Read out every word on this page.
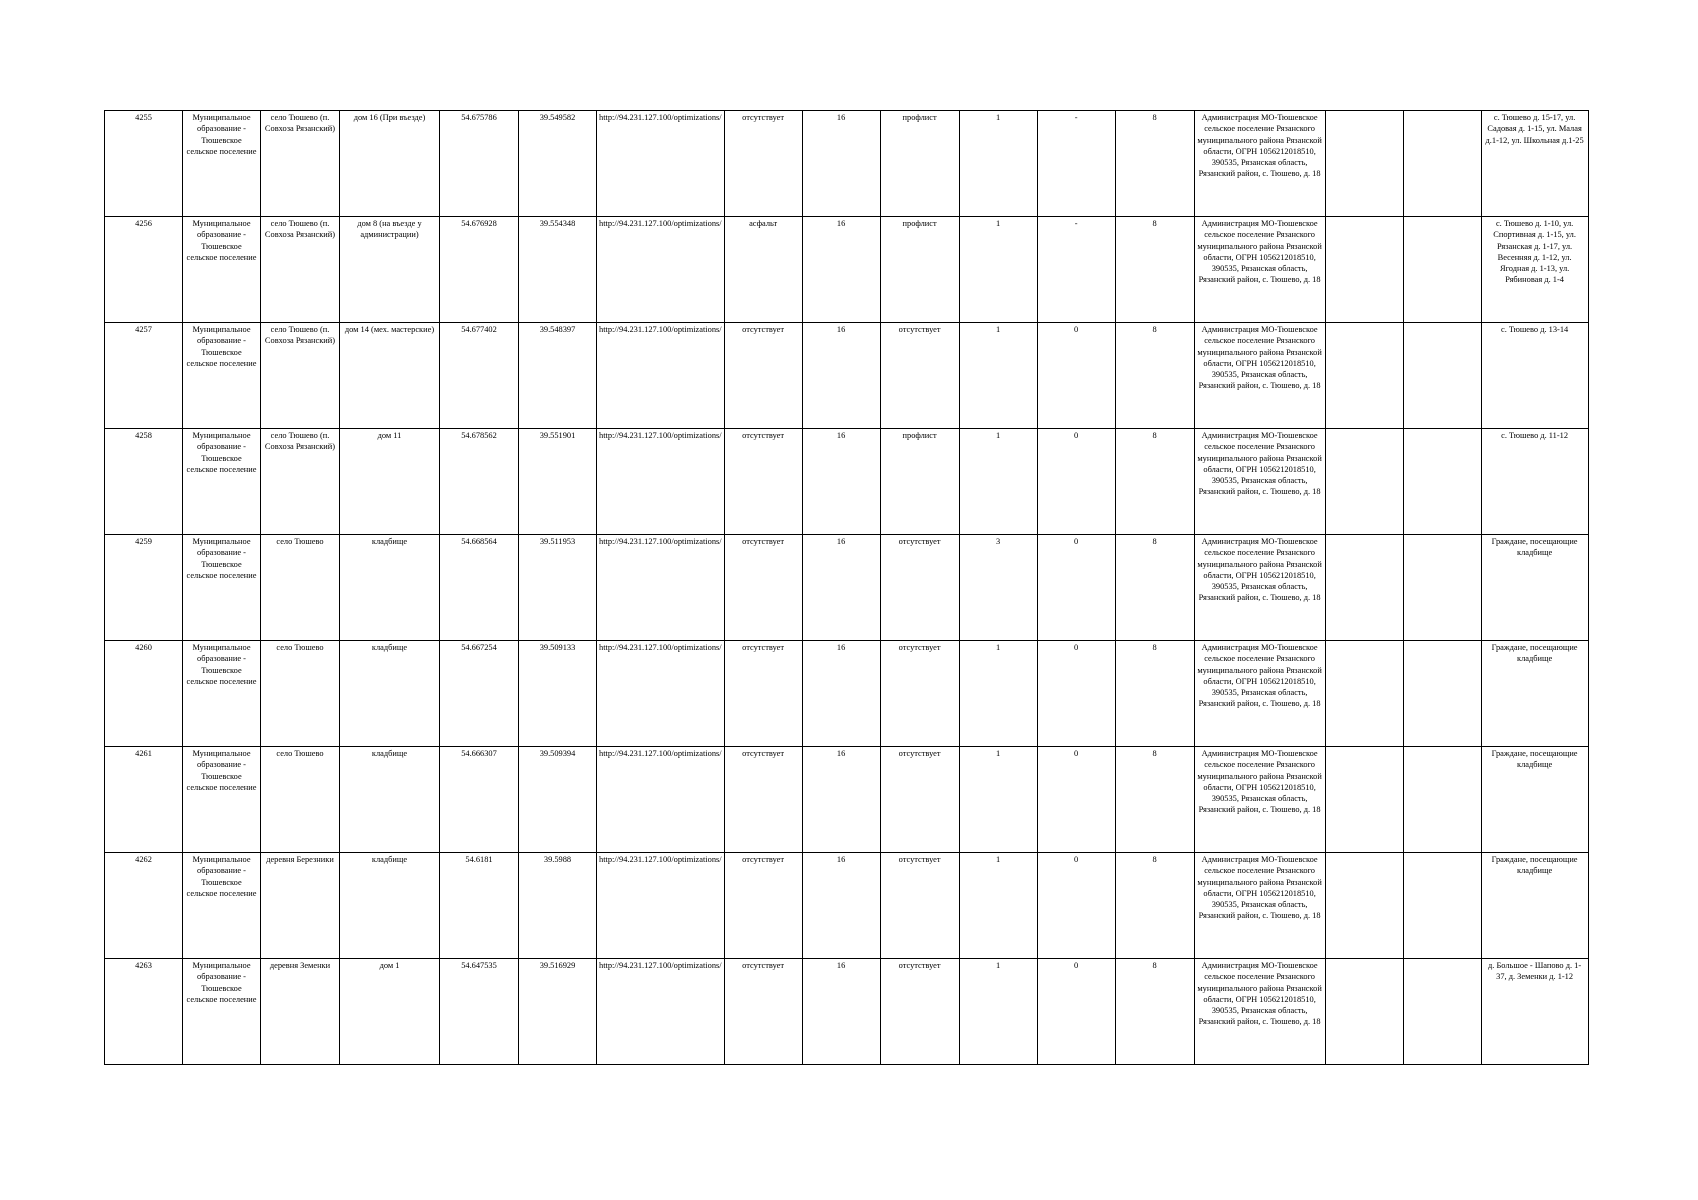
4255	Муниципальное образование - Тюшевское сельское поселение	село Тюшево (п. Совхоза Рязанский)	дом 16 (При въезде)	54.675786	39.549582	http://94.231.127.100/optimizations/	отсутствует	16	профлист	1	-	8	Администрация МО-Тюшевское сельское поселение Рязанского муниципального района Рязанской области, ОГРН 1056212018510, 390535, Рязанская область, Рязанский район, с. Тюшево, д. 18			с. Тюшево д. 15-17, ул. Садовая д. 1-15, ул. Малая д.1-12, ул. Школьная д.1-25
4256	Муниципальное образование - Тюшевское сельское поселение	село Тюшево (п. Совхоза Рязанский)	дом 8 (на въезде у администрации)	54.676928	39.554348	http://94.231.127.100/optimizations/	асфальт	16	профлист	1	-	8	Администрация МО-Тюшевское сельское поселение Рязанского муниципального района Рязанской области, ОГРН 1056212018510, 390535, Рязанская область, Рязанский район, с. Тюшево, д. 18			с. Тюшево д. 1-10, ул. Спортивная д. 1-15, ул. Рязанская д. 1-17, ул. Весенняя д. 1-12, ул. Ягодная д. 1-13, ул. Рябиновая д. 1-4
4257	Муниципальное образование - Тюшевское сельское поселение	село Тюшево (п. Совхоза Рязанский)	дом 14 (мех. мастерские)	54.677402	39.548397	http://94.231.127.100/optimizations/	отсутствует	16	отсутствует	1	0	8	Администрация МО-Тюшевское сельское поселение Рязанского муниципального района Рязанской области, ОГРН 1056212018510, 390535, Рязанская область, Рязанский район, с. Тюшево, д. 18			с. Тюшево д. 13-14
4258	Муниципальное образование - Тюшевское сельское поселение	село Тюшево (п. Совхоза Рязанский)	дом 11	54.678562	39.551901	http://94.231.127.100/optimizations/	отсутствует	16	профлист	1	0	8	Администрация МО-Тюшевское сельское поселение Рязанского муниципального района Рязанской области, ОГРН 1056212018510, 390535, Рязанская область, Рязанский район, с. Тюшево, д. 18			с. Тюшево д. 11-12
4259	Муниципальное образование - Тюшевское сельское поселение	село Тюшево	кладбище	54.668564	39.511953	http://94.231.127.100/optimizations/	отсутствует	16	отсутствует	3	0	8	Администрация МО-Тюшевское сельское поселение Рязанского муниципального района Рязанской области, ОГРН 1056212018510, 390535, Рязанская область, Рязанский район, с. Тюшево, д. 18			Граждане, посещающие кладбище
4260	Муниципальное образование - Тюшевское сельское поселение	село Тюшево	кладбище	54.667254	39.509133	http://94.231.127.100/optimizations/	отсутствует	16	отсутствует	1	0	8	Администрация МО-Тюшевское сельское поселение Рязанского муниципального района Рязанской области, ОГРН 1056212018510, 390535, Рязанская область, Рязанский район, с. Тюшево, д. 18			Граждане, посещающие кладбище
4261	Муниципальное образование - Тюшевское сельское поселение	село Тюшево	кладбище	54.666307	39.509394	http://94.231.127.100/optimizations/	отсутствует	16	отсутствует	1	0	8	Администрация МО-Тюшевское сельское поселение Рязанского муниципального района Рязанской области, ОГРН 1056212018510, 390535, Рязанская область, Рязанский район, с. Тюшево, д. 18			Граждане, посещающие кладбище
4262	Муниципальное образование - Тюшевское сельское поселение	деревня Березники	кладбище	54.6181	39.5988	http://94.231.127.100/optimizations/	отсутствует	16	отсутствует	1	0	8	Администрация МО-Тюшевское сельское поселение Рязанского муниципального района Рязанской области, ОГРН 1056212018510, 390535, Рязанская область, Рязанский район, с. Тюшево, д. 18			Граждане, посещающие кладбище
4263	Муниципальное образование - Тюшевское сельское поселение	деревня Земенки	дом 1	54.647535	39.516929	http://94.231.127.100/optimizations/	отсутствует	16	отсутствует	1	0	8	Администрация МО-Тюшевское сельское поселение Рязанского муниципального района Рязанской области, ОГРН 1056212018510, 390535, Рязанская область, Рязанский район, с. Тюшево, д. 18			д. Большое - Шапово д. 1-37, д. Земенки д. 1-12
